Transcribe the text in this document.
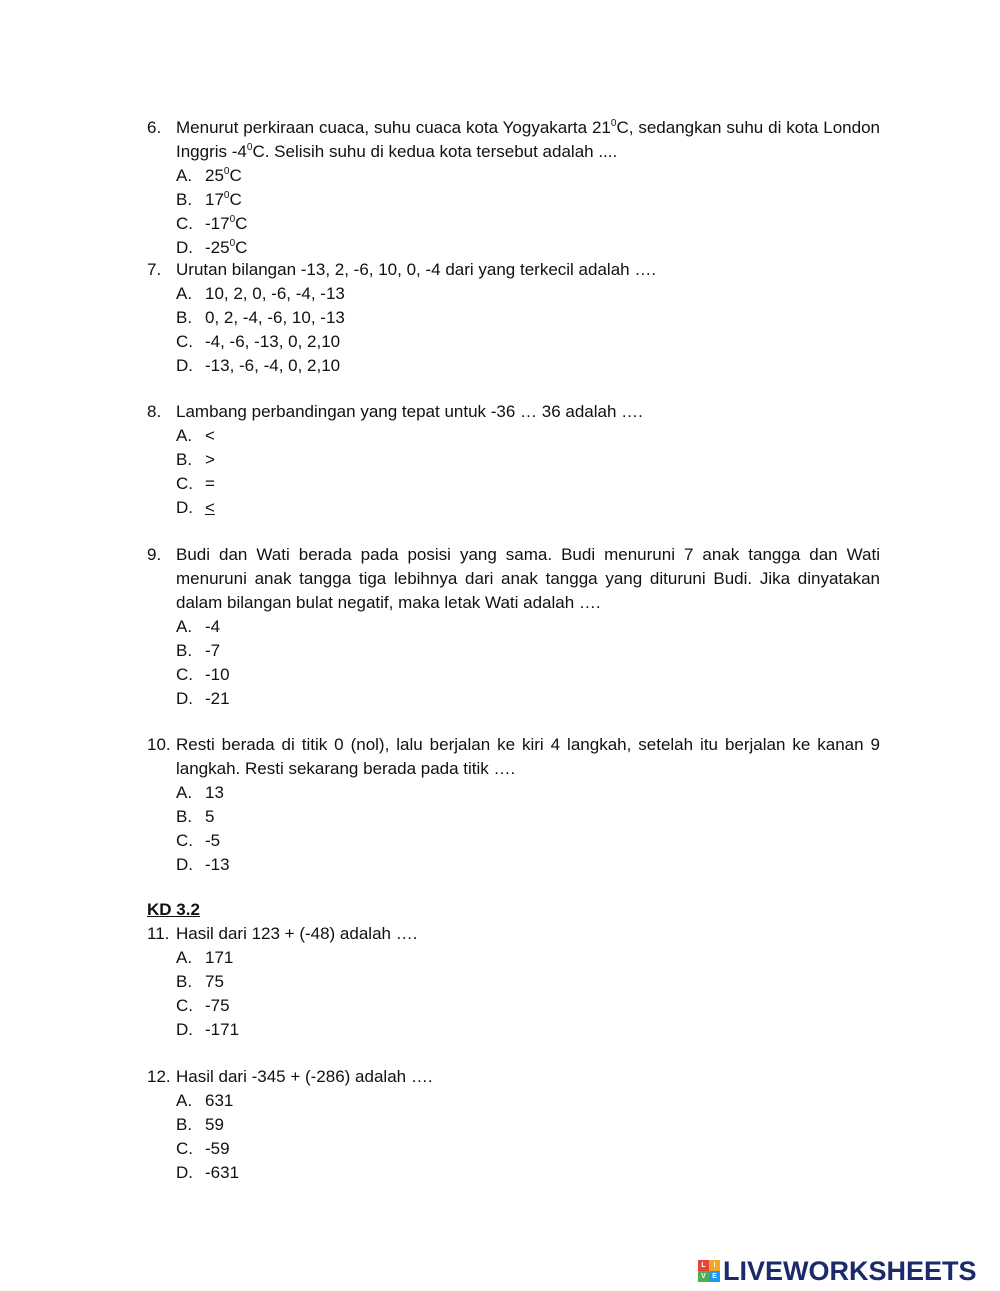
6. Menurut perkiraan cuaca, suhu cuaca kota Yogyakarta $21^0C$, sedangkan suhu di kota London Inggris $-4^0C$. Selisih suhu di kedua kota tersebut adalah ....
A. $25^0C$
B. $17^0C$
C. $-17^0C$
D. $-25^0C$
7. Urutan bilangan -13, 2, -6, 10, 0, -4 dari yang terkecil adalah ….
A. 10, 2, 0, -6, -4, -13
B. 0, 2, -4, -6, 10, -13
C. -4, -6, -13, 0, 2,10
D. -13, -6, -4, 0, 2,10
8. Lambang perbandingan yang tepat untuk -36 … 36 adalah ….
A. <
B. >
C. =
D. <
9. Budi dan Wati berada pada posisi yang sama. Budi menuruni 7 anak tangga dan Wati menuruni anak tangga tiga lebihnya dari anak tangga yang dituruni Budi. Jika dinyatakan dalam bilangan bulat negatif, maka letak Wati adalah ….
A. -4
B. -7
C. -10
D. -21
10. Resti berada di titik 0 (nol), lalu berjalan ke kiri 4 langkah, setelah itu berjalan ke kanan 9 langkah. Resti sekarang berada pada titik ….
A. 13
B. 5
C. -5
D. -13
KD 3.2
11. Hasil dari 123 + (-48) adalah ….
A. 171
B. 75
C. -75
D. -171
12. Hasil dari -345 + (-286) adalah ….
A. 631
B. 59
C. -59
D. -631
L	I
V E LIVEWORKSHEETS
